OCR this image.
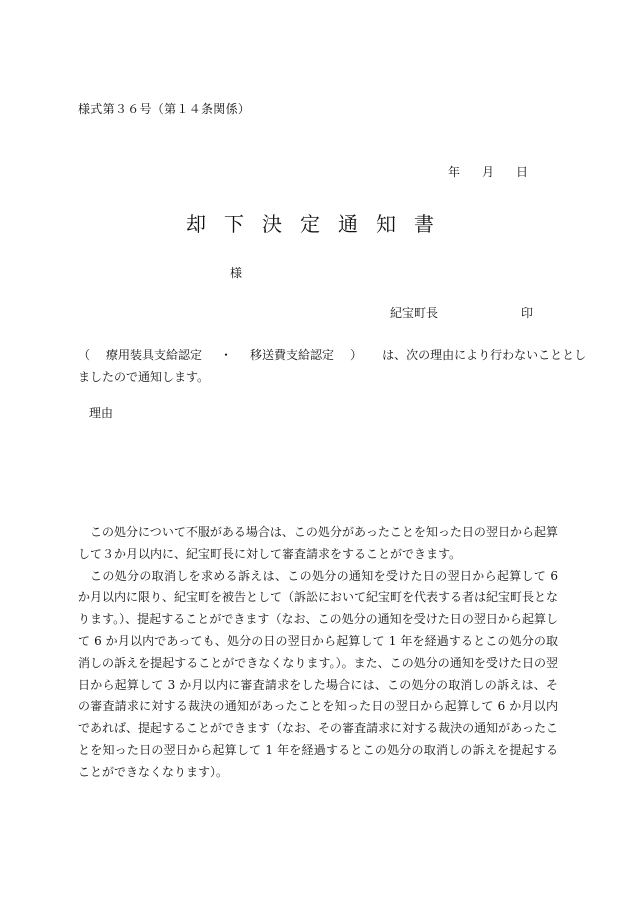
様式第３６号（第１４条関係）
年 月 日
却下決定通知書
様
紀宝町長	印
（ 療用装具支給認定 ・ 移送費支給認定 ） は、次の理由により行わないこととし
ましたので通知します。
理由

この処分について不服がある場合は、この処分があったことを知った日の翌日から起算して３か月以内に、紀宝町長に対して審査請求をすることができます。

この処分の取消しを求める訴えは、この処分の通知を受けた日の翌日から起算して 6 か月以内に限り、紀宝町を被告として（訴訟において紀宝町を代表する者は紀宝町長となります。）、提起することができます（なお、この処分の通知を受けた日の翌日から起算して 6 か月以内であっても、処分の日の翌日から起算して 1 年を経過するとこの処分の取消しの訴えを提起することができなくなります。）。また、この処分の通知を受けた日の翌日から起算して 3 か月以内に審査請求をした場合には、この処分の取消しの訴えは、その審査請求に対する裁決の通知があったことを知った日の翌日から起算して 6 か月以内であれば、提起することができます（なお、その審査請求に対する裁決の通知があったことを知った日の翌日から起算して 1 年を経過するとこの処分の取消しの訴えを提起することができなくなります）。
